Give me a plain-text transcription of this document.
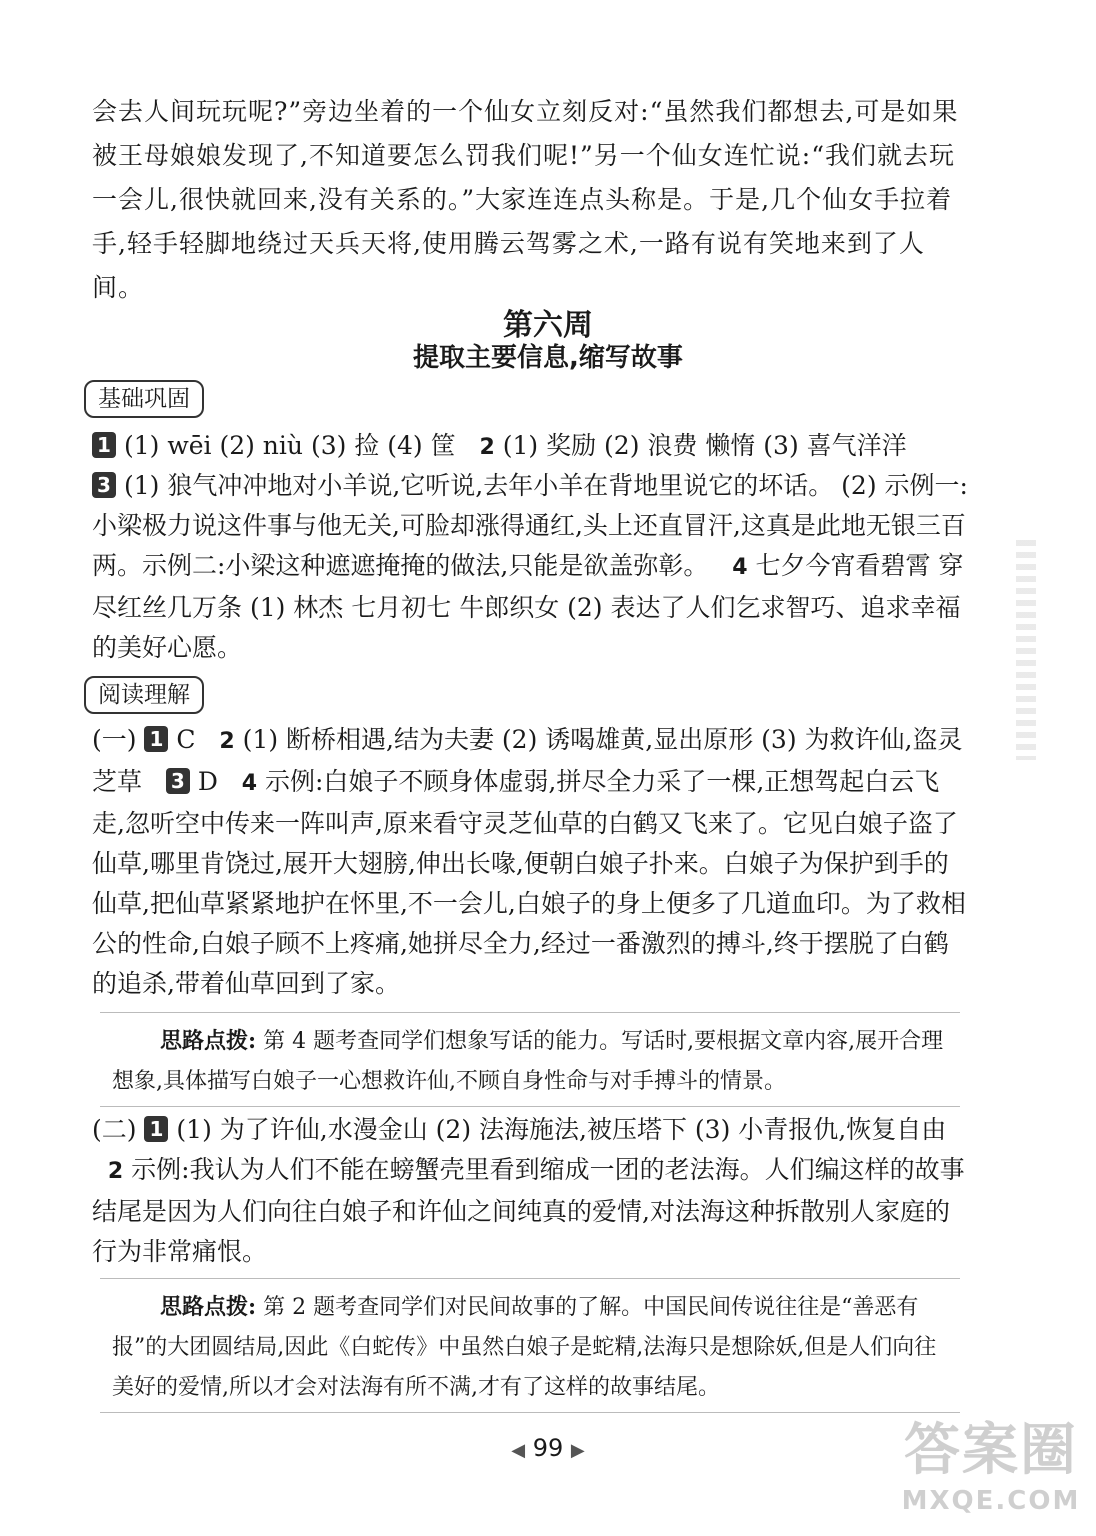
会去人间玩玩呢?”旁边坐着的一个仙女立刻反对:“虽然我们都想去,可是如果被王母娘娘发现了,不知道要怎么罚我们呢!”另一个仙女连忙说:“我们就去玩一会儿,很快就回来,没有关系的。”大家连连点头称是。于是,几个仙女手拉着手,轻手轻脚地绕过天兵天将,使用腾云驾雾之术,一路有说有笑地来到了人间。

第六周
提取主要信息,缩写故事
基础巩固

1 (1) wēi (2) niù (3) 捡 (4) 筐 2 (1) 奖励 (2) 浪费 懒惰 (3) 喜气洋洋

3 (1) 狼气冲冲地对小羊说,它听说,去年小羊在背地里说它的坏话。 (2) 示例一:小梁极力说这件事与他无关,可脸却涨得通红,头上还直冒汗,这真是此地无银三百两。示例二:小梁这种遮遮掩掩的做法,只能是欲盖弥彰。 4 七夕今宵看碧霄 穿尽红丝几万条 (1) 林杰 七月初七 牛郎织女 (2) 表达了人们乞求智巧、追求幸福的美好心愿。

阅读理解

(一) 1 C 2 (1) 断桥相遇,结为夫妻 (2) 诱喝雄黄,显出原形 (3) 为救许仙,盗灵芝草 3 D 4 示例:白娘子不顾身体虚弱,拼尽全力采了一棵,正想驾起白云飞走,忽听空中传来一阵叫声,原来看守灵芝仙草的白鹤又飞来了。它见白娘子盗了仙草,哪里肯饶过,展开大翅膀,伸出长喙,便朝白娘子扑来。白娘子为保护到手的仙草,把仙草紧紧地护在怀里,不一会儿,白娘子的身上便多了几道血印。为了救相公的性命,白娘子顾不上疼痛,她拼尽全力,经过一番激烈的搏斗,终于摆脱了白鹤的追杀,带着仙草回到了家。

思路点拨: 第 4 题考查同学们想象写话的能力。写话时,要根据文章内容,展开合理想象,具体描写白娘子一心想救许仙,不顾自身性命与对手搏斗的情景。

(二) 1 (1) 为了许仙,水漫金山 (2) 法海施法,被压塔下 (3) 小青报仇,恢复自由   2 示例:我认为人们不能在螃蟹壳里看到缩成一团的老法海。人们编这样的故事结尾是因为人们向往白娘子和许仙之间纯真的爱情,对法海这种拆散别人家庭的行为非常痛恨。

思路点拨: 第 2 题考查同学们对民间故事的了解。中国民间传说往往是“善恶有报”的大团圆结局,因此《白蛇传》中虽然白娘子是蛇精,法海只是想除妖,但是人们向往美好的爱情,所以才会对法海有所不满,才有了这样的故事结尾。
◀ 99 ▶	答案圈
MXQE.COM
